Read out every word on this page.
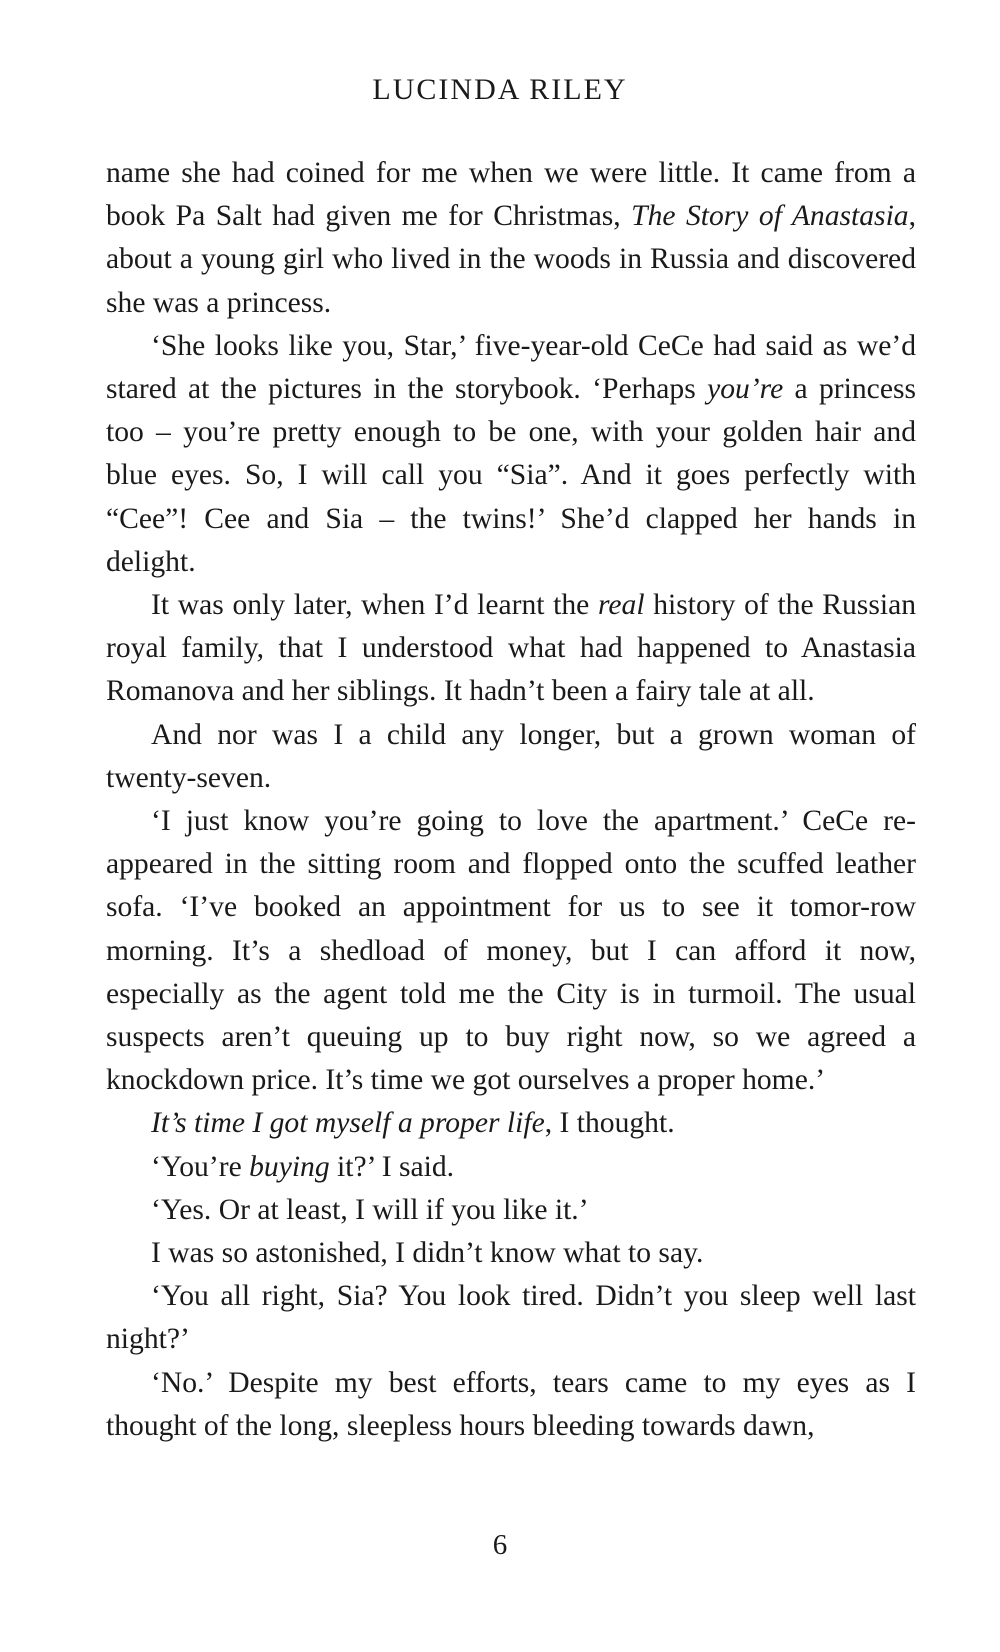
LUCINDA RILEY

name she had coined for me when we were little. It came from a book Pa Salt had given me for Christmas, The Story of Anastasia, about a young girl who lived in the woods in Russia and discovered she was a princess.

‘She looks like you, Star,’ five-year-old CeCe had said as we’d stared at the pictures in the storybook. ‘Perhaps you’re a princess too – you’re pretty enough to be one, with your golden hair and blue eyes. So, I will call you “Sia”. And it goes perfectly with “Cee”! Cee and Sia – the twins!’ She’d clapped her hands in delight.

It was only later, when I’d learnt the real history of the Russian royal family, that I understood what had happened to Anastasia Romanova and her siblings. It hadn’t been a fairy tale at all.

And nor was I a child any longer, but a grown woman of twenty-seven.

‘I just know you’re going to love the apartment.’ CeCe re-appeared in the sitting room and flopped onto the scuffed leather sofa. ‘I’ve booked an appointment for us to see it tomor-row morning. It’s a shedload of money, but I can afford it now, especially as the agent told me the City is in turmoil. The usual suspects aren’t queuing up to buy right now, so we agreed a knockdown price. It’s time we got ourselves a proper home.’

It’s time I got myself a proper life, I thought.

‘You’re buying it?’ I said.

‘Yes. Or at least, I will if you like it.’

I was so astonished, I didn’t know what to say.

‘You all right, Sia? You look tired. Didn’t you sleep well last night?’

‘No.’ Despite my best efforts, tears came to my eyes as I thought of the long, sleepless hours bleeding towards dawn,

6
